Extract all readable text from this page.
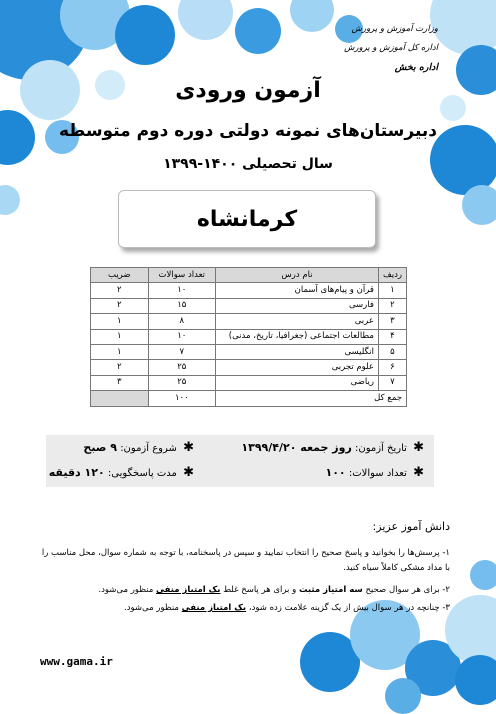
وزارت آموزش و پرورش
اداره کل آموزش و پرورش
اداره بخش
آزمون ورودی
دبیرستان‌های نمونه دولتی دوره دوم متوسطه
سال تحصیلی ۱۴۰۰-۱۳۹۹
کرمانشاه
ردیف	نام درس	تعداد سوالات	ضریب
۱	قرآن و پیام‌های آسمان	۱۰	۲
۲	فارسی	۱۵	۲
۳	عربی	۸	۱
۴	مطالعات اجتماعی (جغرافیا، تاریخ، مدنی)	۱۰	۱
۵	انگلیسی	۷	۱
۶	علوم تجربی	۲۵	۲
۷	ریاضی	۲۵	۳
جمع کل		۱۰۰	
✱ تاریخ آزمون: روز جمعه ۱۳۹۹/۴/۲۰
✱ شروع آزمون: ۹ صبح
✱ تعداد سوالات: ۱۰۰
✱ مدت پاسخگویی: ۱۲۰ دقیقه
دانش آموز عزیز:
۱- پرسش‌ها را بخوانید و پاسخ صحیح را انتخاب نمایید و سپس در پاسخنامه، با توجه به شماره سوال، محل مناسب را با مداد مشکی کاملاً سیاه کنید.
۲- برای هر سوال صحیح سه امتیاز مثبت و برای هر پاسخ غلط یک امتیاز منفی منظور می‌شود.
۳- چنانچه در هر سوال بیش از یک گزینه علامت زده شود، یک امتیاز منفی منظور می‌شود.
www.gama.ir
